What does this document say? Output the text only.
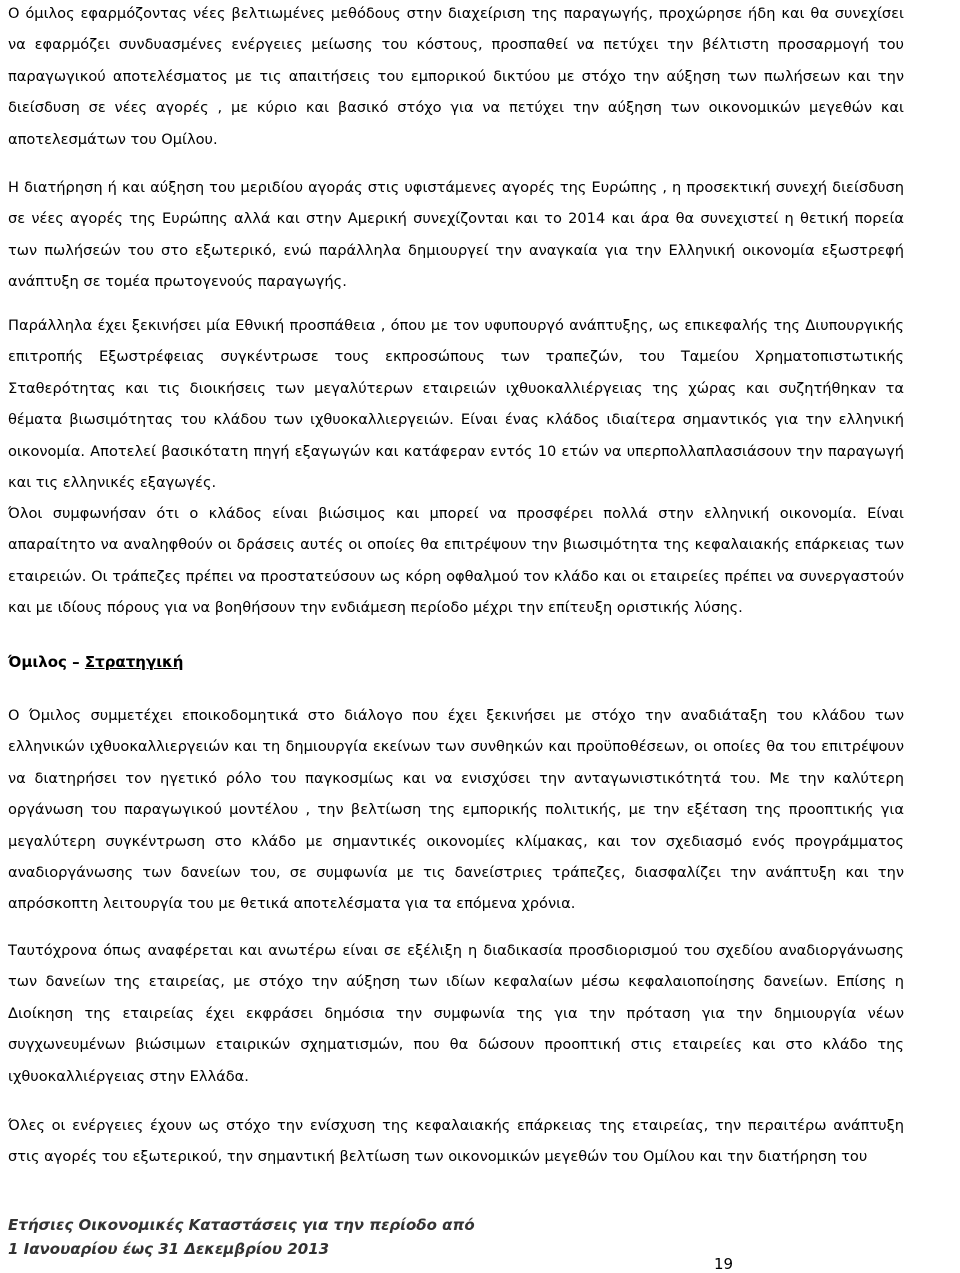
Ο όμιλος εφαρμόζοντας νέες βελτιωμένες μεθόδους στην διαχείριση της παραγωγής, προχώρησε ήδη και θα συνεχίσει να εφαρμόζει συνδυασμένες ενέργειες μείωσης του κόστους, προσπαθεί να πετύχει την βέλτιστη προσαρμογή του παραγωγικού αποτελέσματος με τις απαιτήσεις του εμπορικού δικτύου με στόχο την αύξηση των πωλήσεων και την διείσδυση σε νέες αγορές , με κύριο και βασικό στόχο για να πετύχει την αύξηση των οικονομικών μεγεθών και αποτελεσμάτων του Ομίλου.

Η διατήρηση ή και αύξηση του μεριδίου αγοράς στις υφιστάμενες αγορές της Ευρώπης , η προσεκτική συνεχή διείσδυση σε νέες αγορές της Ευρώπης αλλά και στην Αμερική συνεχίζονται και το 2014 και άρα θα συνεχιστεί η θετική πορεία των πωλήσεών του στο εξωτερικό, ενώ παράλληλα δημιουργεί την αναγκαία για την Ελληνική οικονομία εξωστρεφή ανάπτυξη σε τομέα πρωτογενούς παραγωγής.

Παράλληλα έχει ξεκινήσει μία Εθνική προσπάθεια , όπου με τον υφυπουργό ανάπτυξης, ως επικεφαλής της Διυπουργικής επιτροπής Εξωστρέφειας συγκέντρωσε τους εκπροσώπους των τραπεζών, του Ταμείου Χρηματοπιστωτικής Σταθερότητας και τις διοικήσεις των μεγαλύτερων εταιρειών ιχθυοκαλλιέργειας της χώρας και συζητήθηκαν τα θέματα βιωσιμότητας του κλάδου των ιχθυοκαλλιεργειών. Είναι ένας κλάδος ιδιαίτερα σημαντικός για την ελληνική οικονομία. Αποτελεί βασικότατη πηγή εξαγωγών και κατάφεραν εντός 10 ετών να υπερπολλαπλασιάσουν την παραγωγή και τις ελληνικές εξαγωγές.

Όλοι συμφωνήσαν ότι ο κλάδος είναι βιώσιμος και μπορεί να προσφέρει πολλά στην ελληνική οικονομία. Είναι απαραίτητο να αναληφθούν οι δράσεις αυτές οι οποίες θα επιτρέψουν την βιωσιμότητα της κεφαλαιακής επάρκειας των εταιρειών. Οι τράπεζες πρέπει να προστατεύσουν ως κόρη οφθαλμού τον κλάδο και οι εταιρείες πρέπει να συνεργαστούν και με ιδίους πόρους για να βοηθήσουν την ενδιάμεση περίοδο μέχρι την επίτευξη οριστικής λύσης.

Όμιλος – Στρατηγική

Ο Όμιλος συμμετέχει εποικοδομητικά στο διάλογο που έχει ξεκινήσει με στόχο την αναδιάταξη του κλάδου των ελληνικών ιχθυοκαλλιεργειών και τη δημιουργία εκείνων των συνθηκών και προϋποθέσεων, οι οποίες θα του επιτρέψουν να διατηρήσει τον ηγετικό ρόλο του παγκοσμίως και να ενισχύσει την ανταγωνιστικότητά του. Με την καλύτερη οργάνωση του παραγωγικού μοντέλου , την βελτίωση της εμπορικής πολιτικής, με την εξέταση της προοπτικής για μεγαλύτερη συγκέντρωση στο κλάδο με σημαντικές οικονομίες κλίμακας, και τον σχεδιασμό ενός προγράμματος αναδιοργάνωσης των δανείων του, σε συμφωνία με τις δανείστριες τράπεζες, διασφαλίζει την ανάπτυξη και την απρόσκοπτη λειτουργία του με θετικά αποτελέσματα για τα επόμενα χρόνια.

Ταυτόχρονα όπως αναφέρεται και ανωτέρω είναι σε εξέλιξη η διαδικασία προσδιορισμού του σχεδίου αναδιοργάνωσης των δανείων της εταιρείας, με στόχο την αύξηση των ιδίων κεφαλαίων μέσω κεφαλαιοποίησης δανείων. Επίσης η Διοίκηση της εταιρείας έχει εκφράσει δημόσια την συμφωνία της για την πρόταση για την δημιουργία νέων συγχωνευμένων βιώσιμων εταιρικών σχηματισμών, που θα δώσουν προοπτική στις εταιρείες και στο κλάδο της ιχθυοκαλλιέργειας στην Ελλάδα.

Όλες οι ενέργειες έχουν ως στόχο την ενίσχυση της κεφαλαιακής επάρκειας της εταιρείας, την περαιτέρω ανάπτυξη στις αγορές του εξωτερικού, την σημαντική βελτίωση των οικονομικών μεγεθών του Ομίλου και την διατήρηση του

Ετήσιες Οικονομικές Καταστάσεις για την περίοδο από
1 Ιανουαρίου έως 31 Δεκεμβρίου 2013
19
